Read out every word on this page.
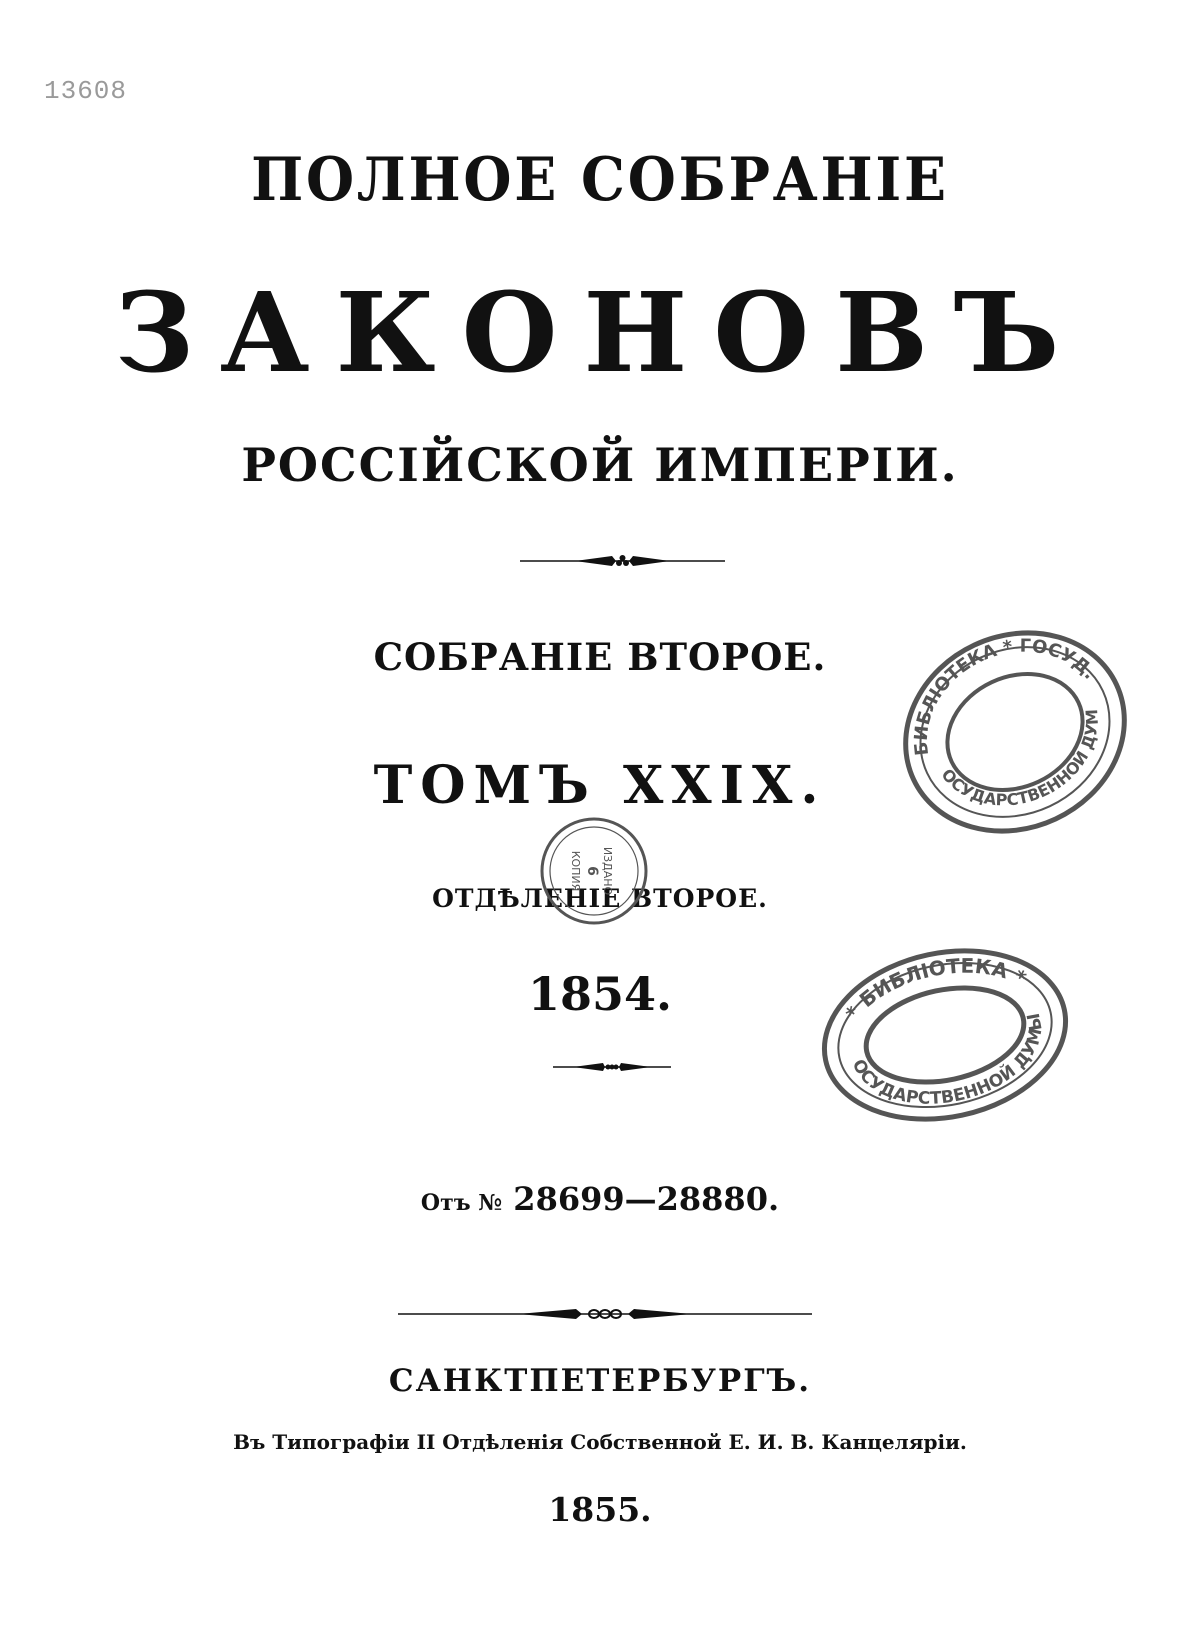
13608
ПОЛНОЕ СОБРАНІЕ
ЗАКОНОВЪ
РОССІЙСКОЙ ИМПЕРІИ.
СОБРАНІЕ ВТОРОЕ.
ТОМЪ XXIX.
ОТДѢЛЕНІЕ ВТОРОЕ.
1854.
Отъ № 28699—28880.
САНКТПЕТЕРБУРГЪ.
Въ Типографіи II Отдѣленія Собственной Е. И. В. Канцеляріи.
1855.
БИБЛІОТЕКА * ГОСУД.
ГОСУДАРСТВЕННОЙ ДУМЫ
* БИБЛІОТЕКА *
ГОСУДАРСТВЕННОЙ ДУМЫ
ИЗДАНО
6
КОПИЯ
